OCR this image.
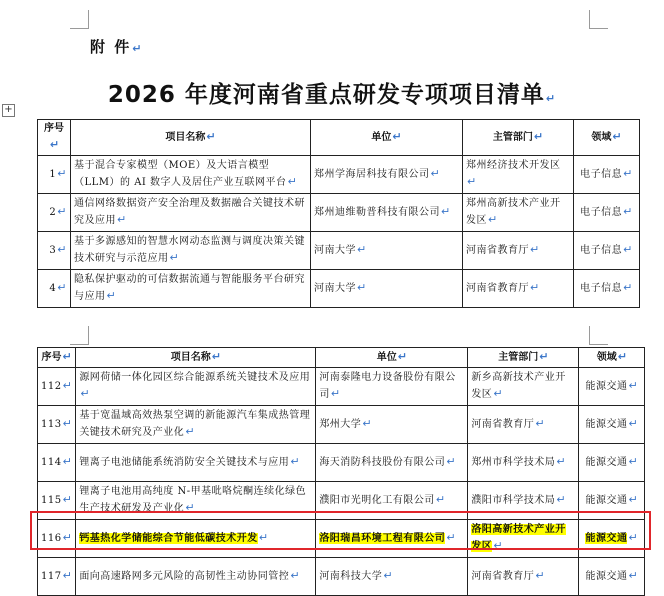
附 件↵
2026 年度河南省重点研发专项项目清单↵
+
序号↵	项目名称↵	单位↵	主管部门↵	领域↵
1↵	基于混合专家模型（MOE）及大语言模型（LLM）的 AI 数字人及居住产业互联网平台↵	郑州学海居科技有限公司↵	郑州经济技术开发区↵	电子信息↵
2↵	通信网络数据资产安全治理及数据融合关键技术研究及应用↵	郑州迪维勒普科技有限公司↵	郑州高新技术产业开发区↵	电子信息↵
3↵	基于多源感知的智慧水网动态监测与调度决策关键技术研究与示范应用↵	河南大学↵	河南省教育厅↵	电子信息↵
4↵	隐私保护驱动的可信数据流通与智能服务平台研究与应用↵	河南大学↵	河南省教育厅↵	电子信息↵
序号↵	项目名称↵	单位↵	主管部门↵	领域↵
112↵	源网荷储一体化园区综合能源系统关键技术及应用↵	河南泰隆电力设备股份有限公司↵	新乡高新技术产业开发区↵	能源交通↵
113↵	基于宽温域高效热泵空调的新能源汽车集成热管理关键技术研究及产业化↵	郑州大学↵	河南省教育厅↵	能源交通↵
114↵	锂离子电池储能系统消防安全关键技术与应用↵	海天消防科技股份有限公司↵	郑州市科学技术局↵	能源交通↵
115↵	锂离子电池用高纯度 N-甲基吡咯烷酮连续化绿色生产技术研发及产业化↵	濮阳市光明化工有限公司↵	濮阳市科学技术局↵	能源交通↵
116↵	钙基热化学储能综合节能低碳技术开发↵	洛阳瑞昌环境工程有限公司↵	洛阳高新技术产业开发区↵	能源交通↵
117↵	面向高速路网多元风险的高韧性主动协同管控↵	河南科技大学↵	河南省教育厅↵	能源交通↵
